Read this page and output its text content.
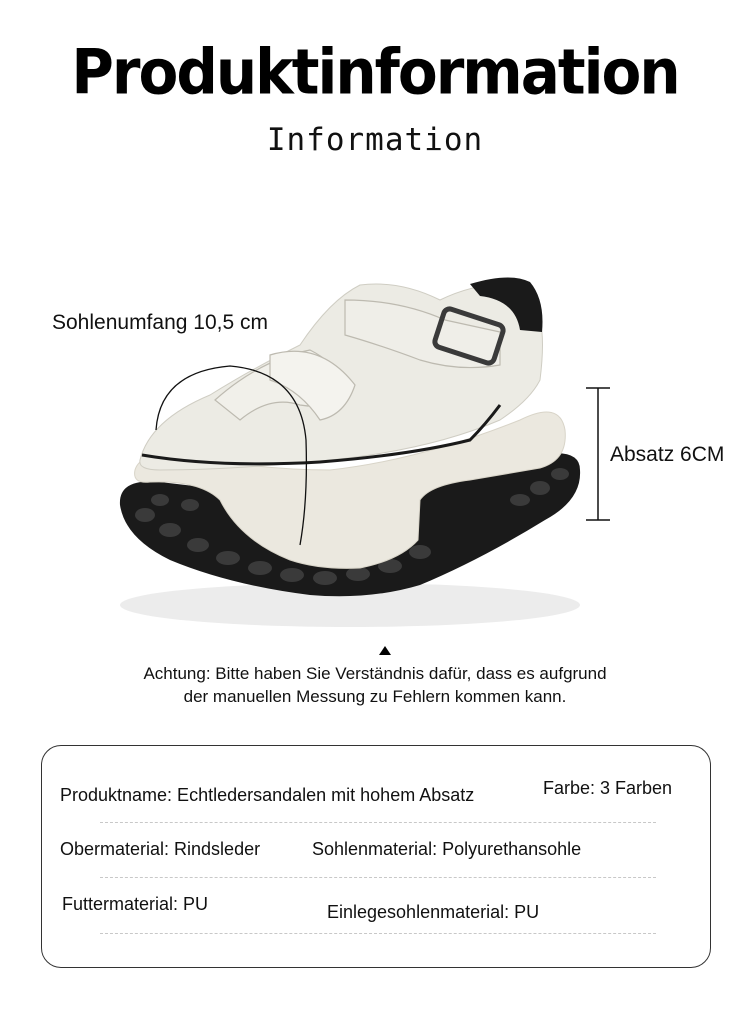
Produktinformation
Information
Sohlenumfang 10,5 cm
Absatz 6CM
Achtung: Bitte haben Sie Verständnis dafür, dass es aufgrund
der manuellen Messung zu Fehlern kommen kann.
Produktname: Echtledersandalen mit hohem Absatz	Farbe: 3 Farben
Obermaterial: Rindsleder	Sohlenmaterial: Polyurethansohle
Futtermaterial: PU	Einlegesohlenmaterial: PU
